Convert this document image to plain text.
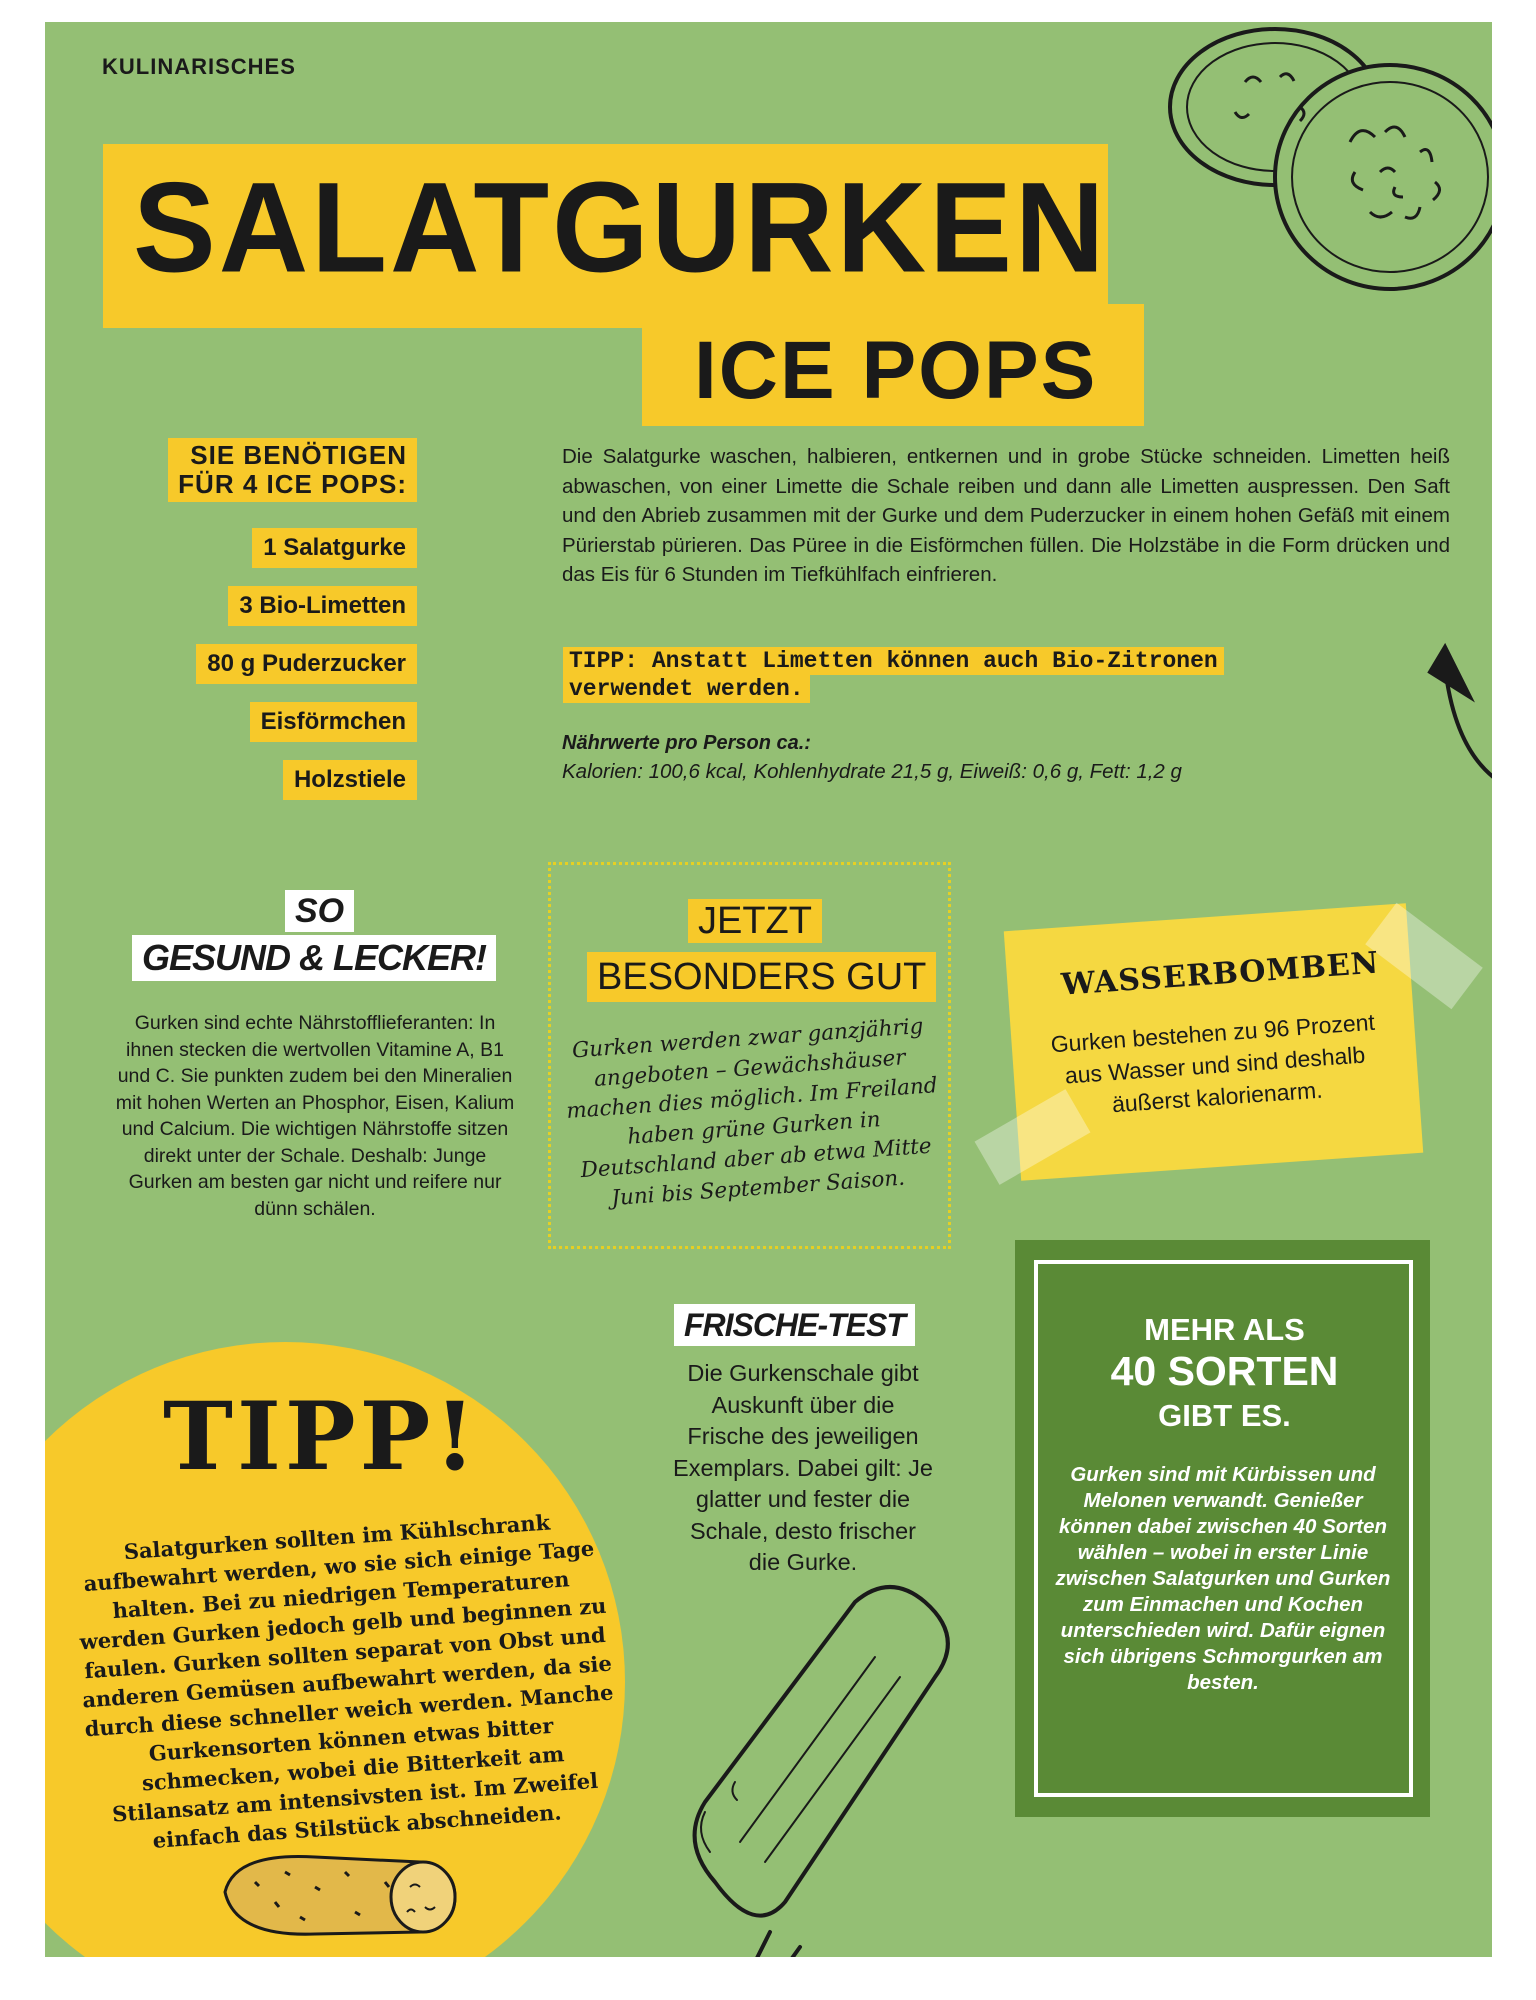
KULINARISCHES
SALATGURKEN
ICE POPS
SIE BENÖTIGEN
FÜR 4 ICE POPS:
1 Salatgurke
3 Bio-Limetten
80 g Puderzucker
Eisförmchen
Holzstiele
Die Salatgurke waschen, halbieren, entkernen und in grobe Stücke schneiden. Limetten heiß abwaschen, von einer Limette die Schale reiben und dann alle Limetten auspressen. Den Saft und den Abrieb zusammen mit der Gurke und dem Puderzucker in einem hohen Gefäß mit einem Pürierstab pürieren. Das Püree in die Eisförmchen füllen. Die Holzstäbe in die Form drücken und das Eis für 6 Stunden im Tiefkühlfach einfrieren.
TIPP: Anstatt Limetten können auch Bio-Zitronen
verwendet werden.
Nährwerte pro Person ca.:
Kalorien: 100,6 kcal, Kohlenhydrate 21,5 g, Eiweiß: 0,6 g, Fett: 1,2 g
SO
GESUND & LECKER!
Gurken sind echte Nährstofflieferanten: In ihnen stecken die wertvollen Vitamine A, B1 und C. Sie punkten zudem bei den Mineralien mit hohen Werten an Phosphor, Eisen, Kalium und Calcium. Die wichtigen Nährstoffe sitzen direkt unter der Schale. Deshalb: Junge Gurken am besten gar nicht und reifere nur dünn schälen.
JETZT
BESONDERS GUT
Gurken werden zwar ganzjährig angeboten – Gewächshäuser machen dies möglich. Im Freiland haben grüne Gurken in Deutschland aber ab etwa Mitte Juni bis September Saison.
WASSERBOMBEN
Gurken bestehen zu 96 Prozent aus Wasser und sind deshalb äußerst kalorienarm.
MEHR ALS
40 SORTEN
GIBT ES.
Gurken sind mit Kürbissen und Melonen verwandt. Genießer können dabei zwischen 40 Sorten wählen – wobei in erster Linie zwischen Salatgurken und Gurken zum Einmachen und Kochen unterschieden wird. Dafür eignen sich übrigens Schmorgurken am besten.
FRISCHE-TEST
Die Gurkenschale gibt Auskunft über die Frische des jeweiligen Exemplars. Dabei gilt: Je glatter und fester die Schale, desto frischer die Gurke.
TIPP!
Salatgurken sollten im Kühlschrank aufbewahrt werden, wo sie sich einige Tage halten. Bei zu niedrigen Temperaturen werden Gurken jedoch gelb und beginnen zu faulen. Gurken sollten separat von Obst und anderen Gemüsen aufbewahrt werden, da sie durch diese schneller weich werden. Manche Gurkensorten können etwas bitter schmecken, wobei die Bitterkeit am Stilansatz am intensivsten ist. Im Zweifel einfach das Stilstück abschneiden.
